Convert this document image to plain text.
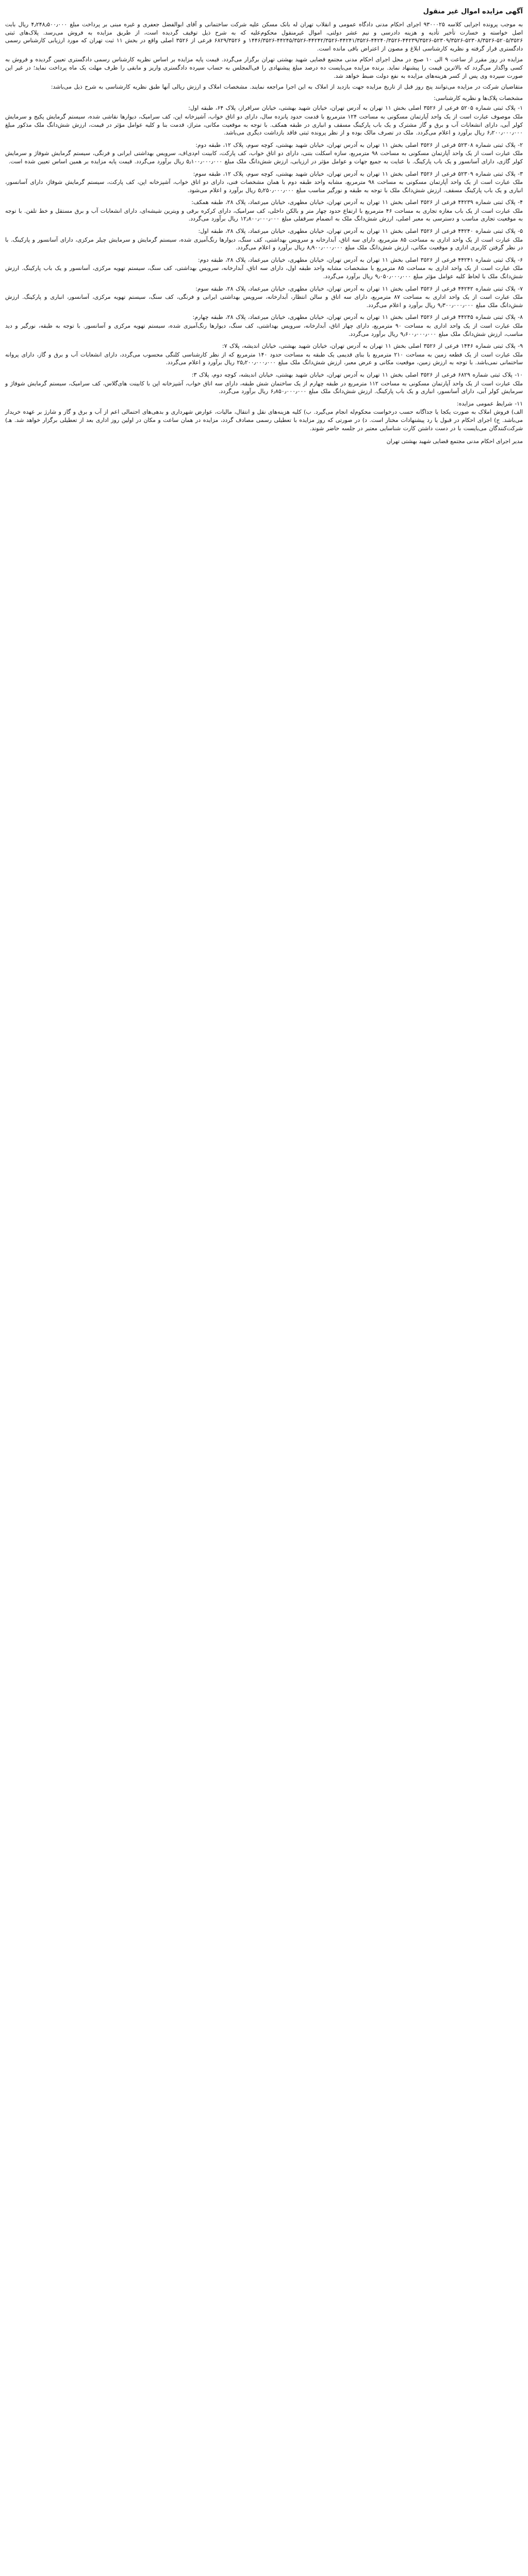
آگهی مزایده اموال غیر منقول
به موجب پرونده اجرایی کلاسه ۹۳۰۰۰۲۵ اجرای احکام مدنی دادگاه عمومی و انقلاب تهران له بانک مسکن علیه شرکت ساختمانی و آقای ابوالفضل جعفری و غیره مبنی بر پرداخت مبلغ ۴٫۲۴۸٫۵۰۰٫۰۰۰ ریال بابت اصل خواسته و خسارت تأخیر تأدیه و هزینه دادرسی و نیم عشر دولتی، اموال غیرمنقول محکوم‌علیه که به شرح ذیل توقیف گردیده است، از طریق مزایده به فروش می‌رسد. پلاک‌های ثبتی ۵۲۰۵/۳۵۲۶-۵۲۳۰۸/۳۵۲۶-۵۲۳۰۹/۳۵۲۶-۴۴۲۳۹/۳۵۲۶-۴۴۲۴۰/۳۵۲۶-۴۴۲۴۱/۳۵۲۶-۴۴۲۴۲/۳۵۲۶-۴۴۲۴۵/۳۵۲۶-۱۴۴۶/۳۵۲۶ و ۶۸۲۹/۳۵۲۶ فرعی از ۳۵۲۶ اصلی واقع در بخش ۱۱ ثبت تهران که مورد ارزیابی کارشناس رسمی دادگستری قرار گرفته و نظریه کارشناسی ابلاغ و مصون از اعتراض باقی مانده است.
مزایده در روز مقرر از ساعت ۹ الی ۱۰ صبح در محل اجرای احکام مدنی مجتمع قضایی شهید بهشتی تهران برگزار می‌گردد. قیمت پایه مزایده بر اساس نظریه کارشناس رسمی دادگستری تعیین گردیده و فروش به کسی واگذار می‌گردد که بالاترین قیمت را پیشنهاد نماید. برنده مزایده می‌بایست ده درصد مبلغ پیشنهادی را فی‌المجلس به حساب سپرده دادگستری واریز و مابقی را ظرف مهلت یک ماه پرداخت نماید؛ در غیر این صورت سپرده وی پس از کسر هزینه‌های مزایده به نفع دولت ضبط خواهد شد.
متقاضیان شرکت در مزایده می‌توانند پنج روز قبل از تاریخ مزایده جهت بازدید از املاک به این اجرا مراجعه نمایند. مشخصات املاک و ارزش ریالی آنها طبق نظریه کارشناسی به شرح ذیل می‌باشد:
مشخصات پلاک‌ها و نظریه کارشناسی:
۱- پلاک ثبتی شماره ۵۲۰۵ فرعی از ۳۵۲۶ اصلی بخش ۱۱ تهران به آدرس تهران، خیابان شهید بهشتی، خیابان سرافراز، پلاک ۶۴، طبقه اول:
ملک موصوف عبارت است از یک واحد آپارتمان مسکونی به مساحت ۱۲۴ مترمربع با قدمت حدود پانزده سال، دارای دو اتاق خواب، آشپزخانه اپن، کف سرامیک، دیوارها نقاشی شده، سیستم گرمایش پکیج و سرمایش کولر آبی، دارای انشعابات آب و برق و گاز مشترک و یک باب پارکینگ مسقف و انباری در طبقه همکف. با توجه به موقعیت مکانی، متراژ، قدمت بنا و کلیه عوامل مؤثر در قیمت، ارزش شش‌دانگ ملک مذکور مبلغ ۶٫۲۰۰٫۰۰۰٫۰۰۰ ریال برآورد و اعلام می‌گردد. ملک در تصرف مالک بوده و از نظر پرونده ثبتی فاقد بازداشت دیگری می‌باشد.
۲- پلاک ثبتی شماره ۵۲۳۰۸ فرعی از ۳۵۲۶ اصلی بخش ۱۱ تهران به آدرس تهران، خیابان شهید بهشتی، کوچه سوم، پلاک ۱۲، طبقه دوم:
ملک عبارت است از یک واحد آپارتمان مسکونی به مساحت ۹۸ مترمربع، سازه اسکلت بتنی، دارای دو اتاق خواب، کف پارکت، کابینت ام‌دی‌اف، سرویس بهداشتی ایرانی و فرنگی، سیستم گرمایش شوفاژ و سرمایش کولر گازی، دارای آسانسور و یک باب پارکینگ. با عنایت به جمیع جهات و عوامل مؤثر در ارزیابی، ارزش شش‌دانگ ملک مبلغ ۵٫۱۰۰٫۰۰۰٫۰۰۰ ریال برآورد می‌گردد. قیمت پایه مزایده بر همین اساس تعیین شده است.
۳- پلاک ثبتی شماره ۵۲۳۰۹ فرعی از ۳۵۲۶ اصلی بخش ۱۱ تهران به آدرس تهران، خیابان شهید بهشتی، کوچه سوم، پلاک ۱۲، طبقه سوم:
ملک عبارت است از یک واحد آپارتمان مسکونی به مساحت ۹۸ مترمربع، مشابه واحد طبقه دوم با همان مشخصات فنی، دارای دو اتاق خواب، آشپزخانه اپن، کف پارکت، سیستم گرمایش شوفاژ، دارای آسانسور، انباری و یک باب پارکینگ مسقف. ارزش شش‌دانگ ملک با توجه به طبقه و نورگیر مناسب مبلغ ۵٫۲۵۰٫۰۰۰٫۰۰۰ ریال برآورد و اعلام می‌شود.
۴- پلاک ثبتی شماره ۴۴۲۳۹ فرعی از ۳۵۲۶ اصلی بخش ۱۱ تهران به آدرس تهران، خیابان مطهری، خیابان میرعماد، پلاک ۲۸، طبقه همکف:
ملک عبارت است از یک باب مغازه تجاری به مساحت ۴۶ مترمربع با ارتفاع حدود چهار متر و بالکن داخلی، کف سرامیک، دارای کرکره برقی و ویترین شیشه‌ای، دارای انشعابات آب و برق مستقل و خط تلفن. با توجه به موقعیت تجاری مناسب و دسترسی به معبر اصلی، ارزش شش‌دانگ ملک به انضمام سرقفلی مبلغ ۱۲٫۸۰۰٫۰۰۰٫۰۰۰ ریال برآورد می‌گردد.
۵- پلاک ثبتی شماره ۴۴۲۴۰ فرعی از ۳۵۲۶ اصلی بخش ۱۱ تهران به آدرس تهران، خیابان مطهری، خیابان میرعماد، پلاک ۲۸، طبقه اول:
ملک عبارت است از یک واحد اداری به مساحت ۸۵ مترمربع، دارای سه اتاق، آبدارخانه و سرویس بهداشتی، کف سنگ، دیوارها رنگ‌آمیزی شده، سیستم گرمایش و سرمایش چیلر مرکزی، دارای آسانسور و پارکینگ. با در نظر گرفتن کاربری اداری و موقعیت مکانی، ارزش شش‌دانگ ملک مبلغ ۸٫۹۰۰٫۰۰۰٫۰۰۰ ریال برآورد و اعلام می‌گردد.
۶- پلاک ثبتی شماره ۴۴۲۴۱ فرعی از ۳۵۲۶ اصلی بخش ۱۱ تهران به آدرس تهران، خیابان مطهری، خیابان میرعماد، پلاک ۲۸، طبقه دوم:
ملک عبارت است از یک واحد اداری به مساحت ۸۵ مترمربع با مشخصات مشابه واحد طبقه اول، دارای سه اتاق، آبدارخانه، سرویس بهداشتی، کف سنگ، سیستم تهویه مرکزی، آسانسور و یک باب پارکینگ. ارزش شش‌دانگ ملک با لحاظ کلیه عوامل مؤثر مبلغ ۹٫۰۵۰٫۰۰۰٫۰۰۰ ریال برآورد می‌گردد.
۷- پلاک ثبتی شماره ۴۴۲۴۲ فرعی از ۳۵۲۶ اصلی بخش ۱۱ تهران به آدرس تهران، خیابان مطهری، خیابان میرعماد، پلاک ۲۸، طبقه سوم:
ملک عبارت است از یک واحد اداری به مساحت ۸۷ مترمربع، دارای سه اتاق و سالن انتظار، آبدارخانه، سرویس بهداشتی ایرانی و فرنگی، کف سنگ، سیستم تهویه مرکزی، آسانسور، انباری و پارکینگ. ارزش شش‌دانگ ملک مبلغ ۹٫۳۰۰٫۰۰۰٫۰۰۰ ریال برآورد و اعلام می‌گردد.
۸- پلاک ثبتی شماره ۴۴۲۴۵ فرعی از ۳۵۲۶ اصلی بخش ۱۱ تهران به آدرس تهران، خیابان مطهری، خیابان میرعماد، پلاک ۲۸، طبقه چهارم:
ملک عبارت است از یک واحد اداری به مساحت ۹۰ مترمربع، دارای چهار اتاق، آبدارخانه، سرویس بهداشتی، کف سنگ، دیوارها رنگ‌آمیزی شده، سیستم تهویه مرکزی و آسانسور. با توجه به طبقه، نورگیر و دید مناسب، ارزش شش‌دانگ ملک مبلغ ۹٫۶۰۰٫۰۰۰٫۰۰۰ ریال برآورد می‌گردد.
۹- پلاک ثبتی شماره ۱۴۴۶ فرعی از ۳۵۲۶ اصلی بخش ۱۱ تهران به آدرس تهران، خیابان شهید بهشتی، خیابان اندیشه، پلاک ۷:
ملک عبارت است از یک قطعه زمین به مساحت ۲۱۰ مترمربع با بنای قدیمی یک طبقه به مساحت حدود ۱۴۰ مترمربع که از نظر کارشناسی کلنگی محسوب می‌گردد، دارای انشعابات آب و برق و گاز، دارای پروانه ساختمانی نمی‌باشد. با توجه به ارزش زمین، موقعیت مکانی و عرض معبر، ارزش شش‌دانگ ملک مبلغ ۲۵٫۲۰۰٫۰۰۰٫۰۰۰ ریال برآورد و اعلام می‌گردد.
۱۰- پلاک ثبتی شماره ۶۸۲۹ فرعی از ۳۵۲۶ اصلی بخش ۱۱ تهران به آدرس تهران، خیابان شهید بهشتی، خیابان اندیشه، کوچه دوم، پلاک ۳:
ملک عبارت است از یک واحد آپارتمان مسکونی به مساحت ۱۱۲ مترمربع در طبقه چهارم از یک ساختمان شش طبقه، دارای سه اتاق خواب، آشپزخانه اپن با کابینت های‌گلاس، کف سرامیک، سیستم گرمایش شوفاژ و سرمایش کولر آبی، دارای آسانسور، انباری و یک باب پارکینگ. ارزش شش‌دانگ ملک مبلغ ۶٫۸۵۰٫۰۰۰٫۰۰۰ ریال برآورد می‌گردد.
۱۱- شرایط عمومی مزایده:
الف) فروش املاک به صورت یکجا یا جداگانه حسب درخواست محکوم‌له انجام می‌گیرد. ب) کلیه هزینه‌های نقل و انتقال، مالیات، عوارض شهرداری و بدهی‌های احتمالی اعم از آب و برق و گاز و شارژ بر عهده خریدار می‌باشد. ج) اجرای احکام در قبول یا رد پیشنهادات مختار است. د) در صورتی که روز مزایده با تعطیلی رسمی مصادف گردد، مزایده در همان ساعت و مکان در اولین روز اداری بعد از تعطیلی برگزار خواهد شد. هـ) شرکت‌کنندگان می‌بایست با در دست داشتن کارت شناسایی معتبر در جلسه حاضر شوند.
مدیر اجرای احکام مدنی مجتمع قضایی شهید بهشتی تهران
